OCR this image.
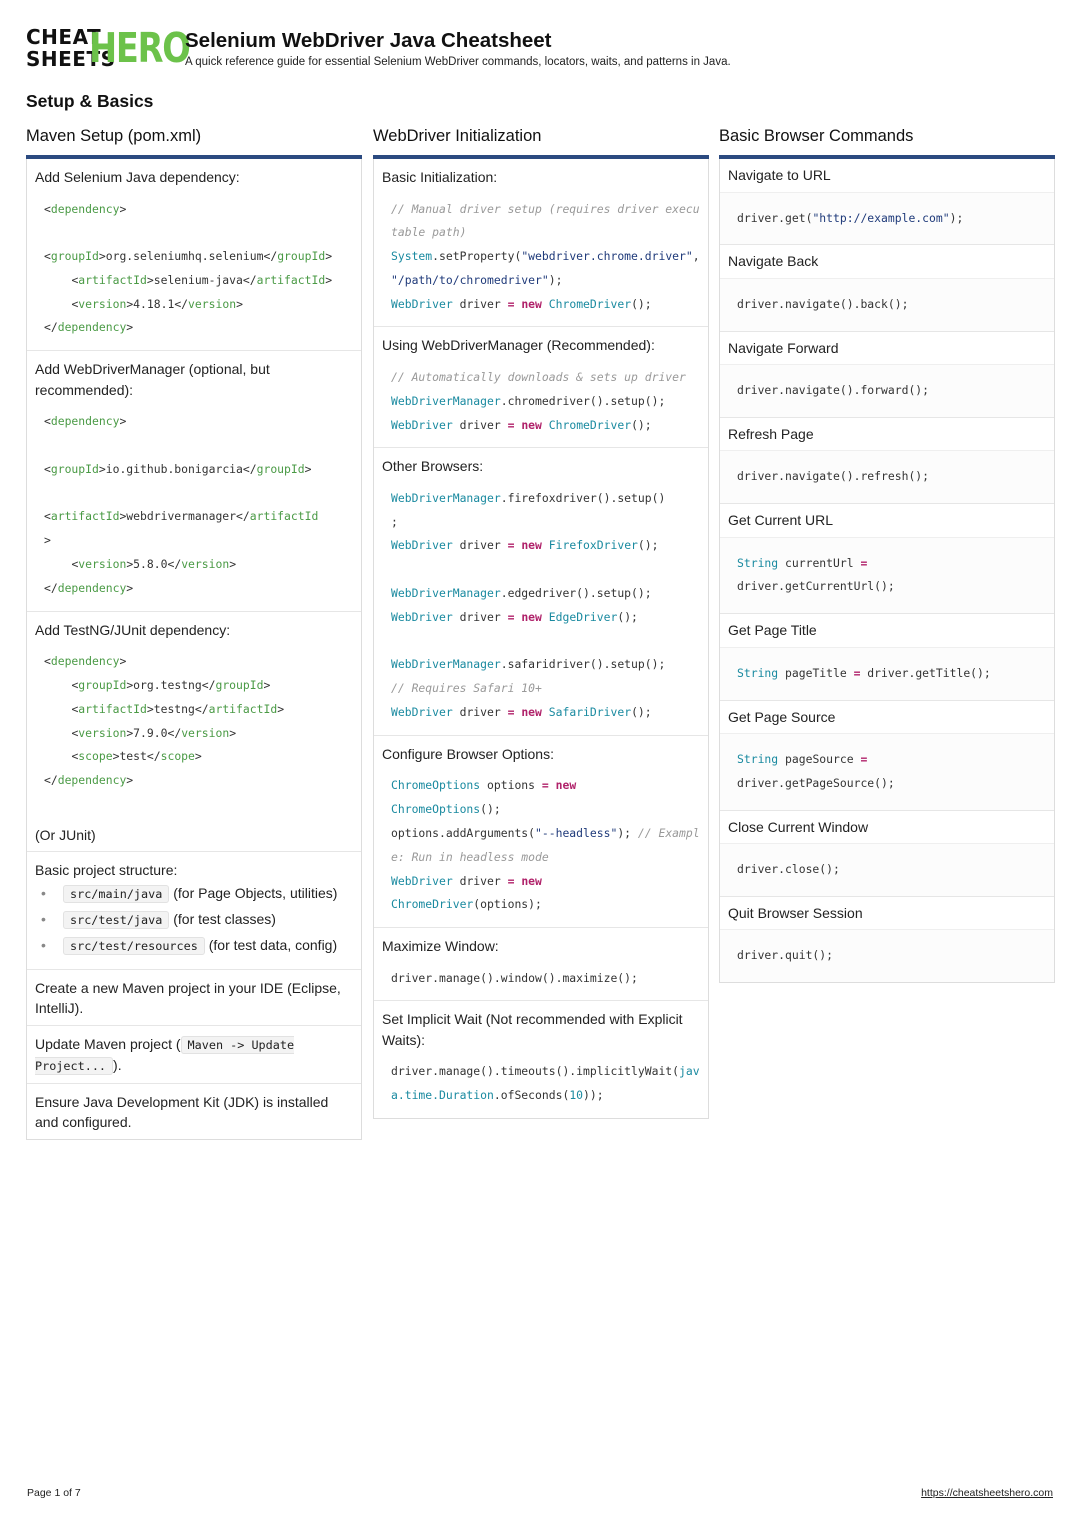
CHEAT
SHEETS
HERO
Selenium WebDriver Java Cheatsheet
A quick reference guide for essential Selenium WebDriver commands, locators, waits, and patterns in Java.
Setup & Basics
Maven Setup (pom.xml)
Add Selenium Java dependency:
<dependency>

<groupId>org.seleniumhq.selenium</groupId>
<artifactId>selenium-java</artifactId>
<version>4.18.1</version>
</dependency>
Add WebDriverManager (optional, but recommended):
<dependency>

<groupId>io.github.bonigarcia</groupId>

<artifactId>webdrivermanager</artifactId
>
<version>5.8.0</version>
</dependency>
Add TestNG/JUnit dependency:
<dependency>
<groupId>org.testng</groupId>
<artifactId>testng</artifactId>
<version>7.9.0</version>
<scope>test</scope>
</dependency>
(Or JUnit)
Basic project structure:
• src/main/java (for Page Objects, utilities)
• src/test/java (for test classes)
• src/test/resources (for test data, config)
Create a new Maven project in your IDE (Eclipse, IntelliJ).
Update Maven project ( Maven -> Update Project... ).
Ensure Java Development Kit (JDK) is installed and configured.
WebDriver Initialization
Basic Initialization:
// Manual driver setup (requires driver executable path)
System.setProperty("webdriver.chrome.driver", "/path/to/chromedriver");
WebDriver driver = new ChromeDriver();
Using WebDriverManager (Recommended):
// Automatically downloads & sets up driver
WebDriverManager.chromedriver().setup();
WebDriver driver = new ChromeDriver();
Other Browsers:
WebDriverManager.firefoxdriver().setup()
;
WebDriver driver = new FirefoxDriver();

WebDriverManager.edgedriver().setup();
WebDriver driver = new EdgeDriver();

WebDriverManager.safaridriver().setup();
// Requires Safari 10+
WebDriver driver = new SafariDriver();
Configure Browser Options:
ChromeOptions options = new
ChromeOptions();
options.addArguments("--headless"); // Example: Run in headless mode
WebDriver driver = new
ChromeDriver(options);
Maximize Window:
driver.manage().window().maximize();
Set Implicit Wait (Not recommended with Explicit Waits):
driver.manage().timeouts().implicitlyWait(java.time.Duration.ofSeconds(10));
Basic Browser Commands
Navigate to URL
driver.get("http://example.com");
Navigate Back
driver.navigate().back();
Navigate Forward
driver.navigate().forward();
Refresh Page
driver.navigate().refresh();
Get Current URL
String currentUrl =
driver.getCurrentUrl();
Get Page Title
String pageTitle = driver.getTitle();
Get Page Source
String pageSource =
driver.getPageSource();
Close Current Window
driver.close();
Quit Browser Session
driver.quit();
Page 1 of 7	https://cheatsheetshero.com
